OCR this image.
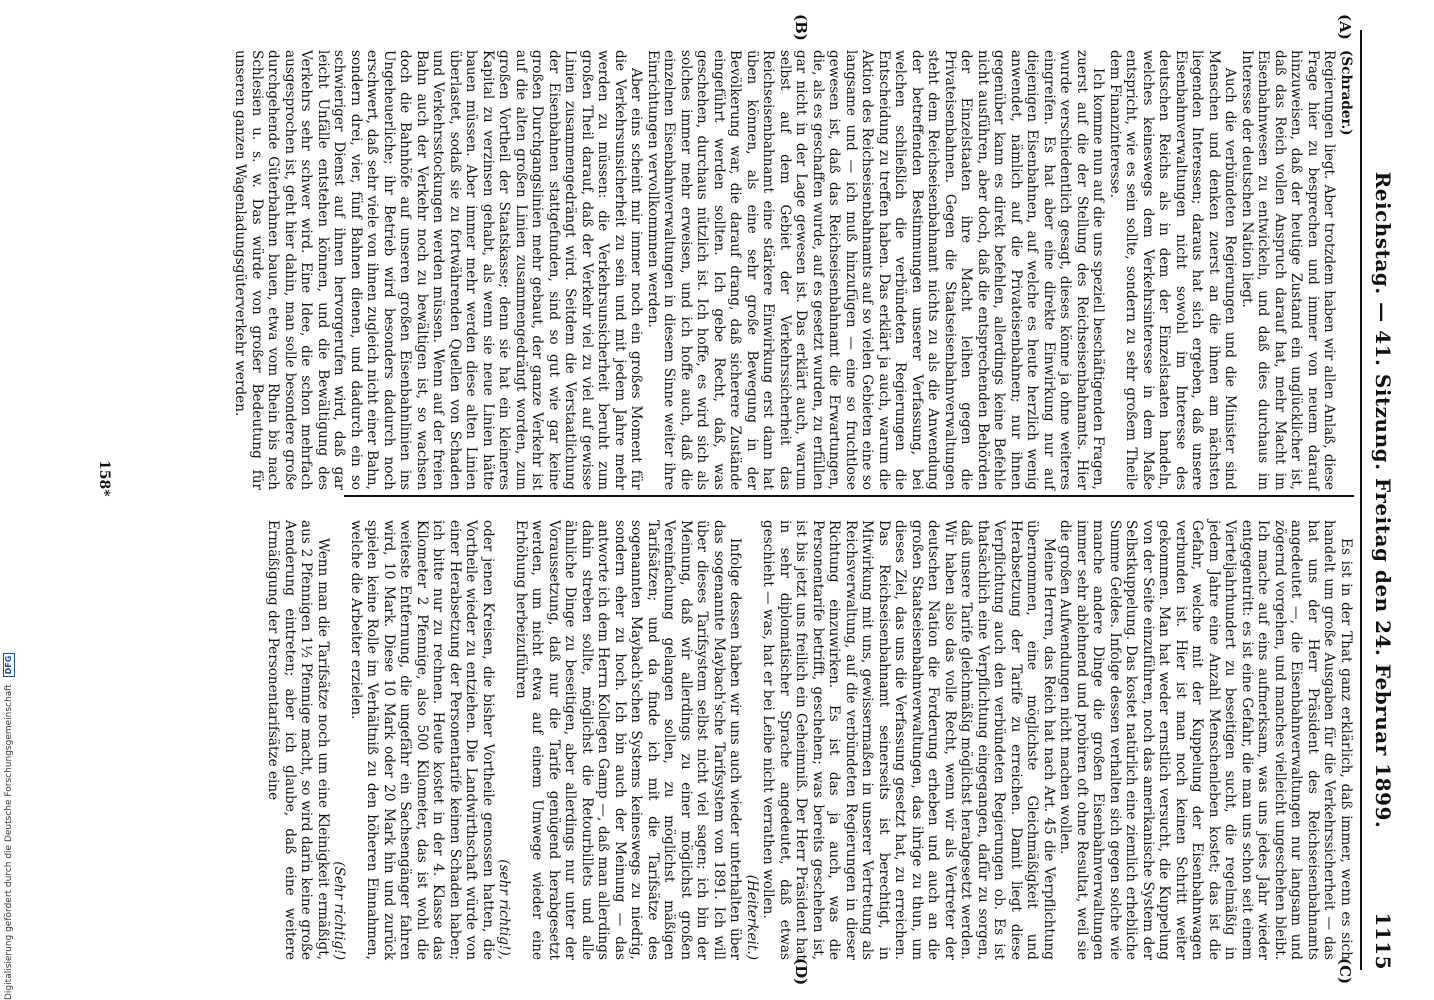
Reichstag. — 41. Sitzung. Freitag den 24. Februar 1899.
1115
(A)
(B)
(C)
(D)

(Schrader.)

Regierungen liegt. Aber trotzdem haben wir allen Anlaß, diese Frage hier zu besprechen und immer von neuem darauf hinzuweisen, daß der heutige Zustand ein unglücklicher ist, daß das Reich vollen Anspruch darauf hat, mehr Macht im Eisenbahnwesen zu entwickeln, und daß dies durchaus im Interesse der deutschen Nation liegt.

Auch die verbündeten Regierungen und die Minister sind Menschen und denken zuerst an die ihnen am nächsten liegenden Interessen; daraus hat sich ergeben, daß unsere Eisenbahnverwaltungen nicht sowohl im Interesse des deutschen Reichs als in dem der Einzelstaaten handeln, welches keineswegs dem Verkehrsinteresse in dem Maße entspricht, wie es sein sollte, sondern zu sehr großem Theile dem Finanzinteresse.

Ich komme nun auf die uns speziell beschäftigenden Fragen, zuerst auf die der Stellung des Reichseisenbahnamts. Hier wurde verschiedentlich gesagt, dieses könne ja ohne weiteres eingreifen. Es hat aber eine direkte Einwirkung nur auf diejenigen Eisenbahnen, auf welche es heute herzlich wenig anwendet, nämlich auf die Privateisenbahnen; nur ihnen gegenüber kann es direkt befehlen, allerdings keine Befehle nicht ausführen, aber doch, daß die entsprechenden Behörden der Einzelstaaten ihre Macht leihen gegen die Privateisenbahnen. Gegen die Staatseisenbahnverwaltungen steht dem Reichseisenbahnamt nichts zu als die Anwendung der betreffenden Bestimmungen unserer Verfassung, bei welchen schließlich die verbündeten Regierungen die Entscheidung zu treffen haben. Das erklärt ja auch, warum die Aktion des Reichseisenbahnamts auf so vielen Gebieten eine so langsame und — ich muß hinzufügen — eine so fruchtlose gewesen ist, daß das Reichseisenbahnamt die Erwartungen, die, als es geschaffen wurde, auf es gesetzt wurden, zu erfüllen gar nicht in der Lage gewesen ist. Das erklärt auch, warum selbst auf dem Gebiet der Verkehrssicherheit das Reichseisenbahnamt eine stärkere Einwirkung erst dann hat üben können, als eine sehr große Bewegung in der Bevölkerung war, die darauf drang, daß sicherere Zustände eingeführt werden sollten. Ich gebe Recht, daß, was geschehen, durchaus nützlich ist. Ich hoffe, es wird sich als solches immer mehr erweisen, und ich hoffe auch, daß die einzelnen Eisenbahnverwaltungen in diesem Sinne weiter ihre Einrichtungen vervollkommnen werden.

Aber eins scheint mir immer noch ein großes Moment für die Verkehrsunsicherheit zu sein und mit jedem Jahre mehr werden zu müssen: die Verkehrsunsicherheit beruht zum großen Theil darauf, daß der Verkehr viel zu viel auf gewisse Linien zusammengedrängt wird. Seitdem die Verstaatlichung der Eisenbahnen stattgefunden, sind so gut wie gar keine großen Durchgangslinien mehr gebaut, der ganze Verkehr ist auf die alten großen Linien zusammengedrängt worden, zum großen Vortheil der Staatskasse; denn sie hat ein kleineres Kapital zu verzinsen gehabt, als wenn sie neue Linien hätte bauen müssen. Aber immer mehr werden diese alten Linien überlastet, sodaß sie zu fortwährenden Quellen von Schaden und Verkehrsstockungen werden müssen. Wenn auf der freien Bahn auch der Verkehr noch zu bewältigen ist, so wachsen doch die Bahnhöfe auf unseren großen Eisenbahnlinien ins Ungeheuerliche; ihr Betrieb wird besonders dadurch noch erschwert, daß sehr viele von ihnen zugleich nicht einer Bahn, sondern drei, vier, fünf Bahnen dienen, und dadurch ein so schwieriger Dienst auf ihnen hervorgerufen wird, daß gar leicht Unfälle entstehen können, und die Bewältigung des Verkehrs sehr schwer wird. Eine Idee, die schon mehrfach ausgesprochen ist, geht hier dahin, man solle besondere große durchgehende Güterbahnen bauen, etwa vom Rhein bis nach Schlesien u. s. w. Das würde von großer Bedeutung für unseren ganzen Wagenladungsgüterverkehr werden.

Es ist in der That ganz erklärlich, daß immer, wenn es sich handelt um große Ausgaben für die Verkehrssicherheit — das hat uns der Herr Präsident des Reichseisenbahnamts angedeutet —, die Eisenbahnverwaltungen nur langsam und zögernd vorgehen, und manches vielleicht ungeschehen bleibt. Ich mache auf eins aufmerksam, was uns jedes Jahr wieder entgegentritt: es ist eine Gefahr, die man uns schon seit einem Vierteljahrhundert zu beseitigen sucht, die regelmäßig in jedem Jahre eine Anzahl Menschenleben kostet; das ist die Gefahr, welche mit der Kuppelung der Eisenbahnwagen verbunden ist. Hier ist man noch keinen Schritt weiter gekommen. Man hat weder ernstlich versucht, die Kuppelung von der Seite einzuführen, noch das amerikanische System der Selbstkuppelung. Das kostet natürlich eine ziemlich erhebliche Summe Geldes. Infolge dessen verhalten sich gegen solche wie manche andere Dinge die großen Eisenbahnverwaltungen immer sehr ablehnend und probiren oft ohne Resultat, weil sie die großen Aufwendungen nicht machen wollen.

Meine Herren, das Reich hat nach Art. 45 die Verpflichtung übernommen, eine möglichste Gleichmäßigkeit und Herabsetzung der Tarife zu erreichen. Damit liegt diese Verpflichtung auch den verbündeten Regierungen ob. Es ist thatsächlich eine Verpflichtung eingegangen, dafür zu sorgen, daß unsere Tarife gleichmäßig möglichst herabgesetzt werden. Wir haben also das volle Recht, wenn wir als Vertreter der deutschen Nation die Forderung erheben und auch an die großen Staatseisenbahnverwaltungen, das ihrige zu thun, um dieses Ziel, das uns die Verfassung gesetzt hat, zu erreichen. Das Reichseisenbahnamt seinerseits ist berechtigt, in Mitwirkung mit uns, gewissermaßen in unserer Vertretung als Reichsverwaltung, auf die verbündeten Regierungen in dieser Richtung einzuwirken. Es ist das ja auch, was die Personentarife betrifft, geschehen; was bereits geschehen ist, ist bis jetzt uns freilich ein Geheimniß. Der Herr Präsident hat in sehr diplomatischer Sprache angedeutet, daß etwas geschieht — was, hat er bei Leibe nicht verrathen wollen.

(Heiterkeit.)

Infolge dessen haben wir uns auch wieder unterhalten über das sogenannte Maybach'sche Tarifsystem von 1891. Ich will über dieses Tarifsystem selbst nicht viel sagen; ich bin der Meinung, daß wir allerdings zu einer möglichst großen Vereinfachung gelangen sollen, zu möglichst mäßigen Tarifsätzen; und da finde ich mit die Tarifsätze des sogenannten Maybach'schen Systems keineswegs zu niedrig, sondern eher zu hoch. Ich bin auch der Meinung — das antworte ich dem Herrn Kollegen Gamp —, daß man allerdings dahin streben sollte, möglichst die Retourbillets und alle ähnliche Dinge zu beseitigen, aber allerdings nur unter der Voraussetzung, daß nur die Tarife genügend herabgesetzt werden, um nicht etwa auf einem Umwege wieder eine Erhöhung herbeizuführen

(sehr richtig!),

oder jenen Kreisen, die bisher Vortheile genossen hatten, die Vortheile wieder zu entziehen. Die Landwirthschaft würde von einer Herabsetzung der Personentarife keinen Schaden haben; ich bitte nur zu rechnen. Heute kostet in der 4. Klasse das Kilometer 2 Pfennige, also 500 Kilometer, das ist wohl die weiteste Entfernung, die ungefähr ein Sachsengänger fahren wird, 10 Mark. Diese 10 Mark oder 20 Mark hin und zurück spielen keine Rolle im Verhältniß zu den höheren Einnahmen, welche die Arbeiter erzielen.

(Sehr richtig!)

Wenn man die Tarifsätze noch um eine Kleinigkeit ermäßigt, aus 2 Pfennigen 1½ Pfennige macht, so wird darin keine große Aenderung eintreten; aber ich glaube, daß eine weitere Ermäßigung der Personentarifsätze eine

158*
Digitalisierung gefördert durch die Deutsche Forschungsgemeinschaft DFG
